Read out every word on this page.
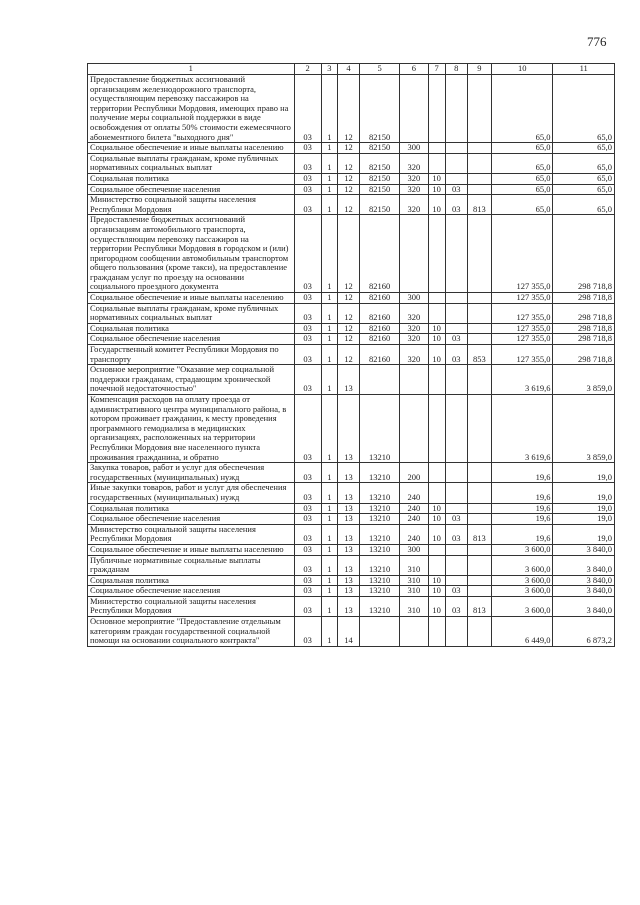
776
1	2	3	4	5	6	7	8	9	10	11
Предоставление бюджетных ассигнований организациям железнодорожного транспорта, осуществляющим перевозку пассажиров на территории Республики Мордовия, имеющих право на получение меры социальной поддержки в виде освобождения от оплаты 50% стоимости ежемесячного абонементного билета "выходного дня"	03	1	12	82150					65,0	65,0
Социальное обеспечение и иные выплаты населению	03	1	12	82150	300				65,0	65,0
Социальные выплаты гражданам, кроме публичных нормативных социальных выплат	03	1	12	82150	320				65,0	65,0
Социальная политика	03	1	12	82150	320	10			65,0	65,0
Социальное обеспечение населения	03	1	12	82150	320	10	03		65,0	65,0
Министерство социальной защиты населения Республики Мордовия	03	1	12	82150	320	10	03	813	65,0	65,0
Предоставление бюджетных ассигнований организациям автомобильного транспорта, осуществляющим перевозку пассажиров на территории Республики Мордовия в городском и (или) пригородном сообщении автомобильным транспортом общего пользования (кроме такси), на предоставление гражданам услуг по проезду на основании социального проездного документа	03	1	12	82160					127 355,0	298 718,8
Социальное обеспечение и иные выплаты населению	03	1	12	82160	300				127 355,0	298 718,8
Социальные выплаты гражданам, кроме публичных нормативных социальных выплат	03	1	12	82160	320				127 355,0	298 718,8
Социальная политика	03	1	12	82160	320	10			127 355,0	298 718,8
Социальное обеспечение населения	03	1	12	82160	320	10	03		127 355,0	298 718,8
Государственный комитет Республики Мордовия по транспорту	03	1	12	82160	320	10	03	853	127 355,0	298 718,8
Основное мероприятие "Оказание мер социальной поддержки гражданам, страдающим хронической почечной недостаточностью"	03	1	13						3 619,6	3 859,0
Компенсация расходов на оплату проезда от административного центра муниципального района, в котором проживает гражданин, к месту проведения программного гемодиализа в медицинских организациях, расположенных на территории Республики Мордовия вне населенного пункта проживания гражданина, и обратно	03	1	13	13210					3 619,6	3 859,0
Закупка товаров, работ и услуг для обеспечения государственных (муниципальных) нужд	03	1	13	13210	200				19,6	19,0
Иные закупки товаров, работ и услуг для обеспечения государственных (муниципальных) нужд	03	1	13	13210	240				19,6	19,0
Социальная политика	03	1	13	13210	240	10			19,6	19,0
Социальное обеспечение населения	03	1	13	13210	240	10	03		19,6	19,0
Министерство социальной защиты населения Республики Мордовия	03	1	13	13210	240	10	03	813	19,6	19,0
Социальное обеспечение и иные выплаты населению	03	1	13	13210	300				3 600,0	3 840,0
Публичные нормативные социальные выплаты гражданам	03	1	13	13210	310				3 600,0	3 840,0
Социальная политика	03	1	13	13210	310	10			3 600,0	3 840,0
Социальное обеспечение населения	03	1	13	13210	310	10	03		3 600,0	3 840,0
Министерство социальной защиты населения Республики Мордовия	03	1	13	13210	310	10	03	813	3 600,0	3 840,0
Основное мероприятие "Предоставление отдельным категориям граждан государственной социальной помощи на основании социального контракта"	03	1	14						6 449,0	6 873,2
